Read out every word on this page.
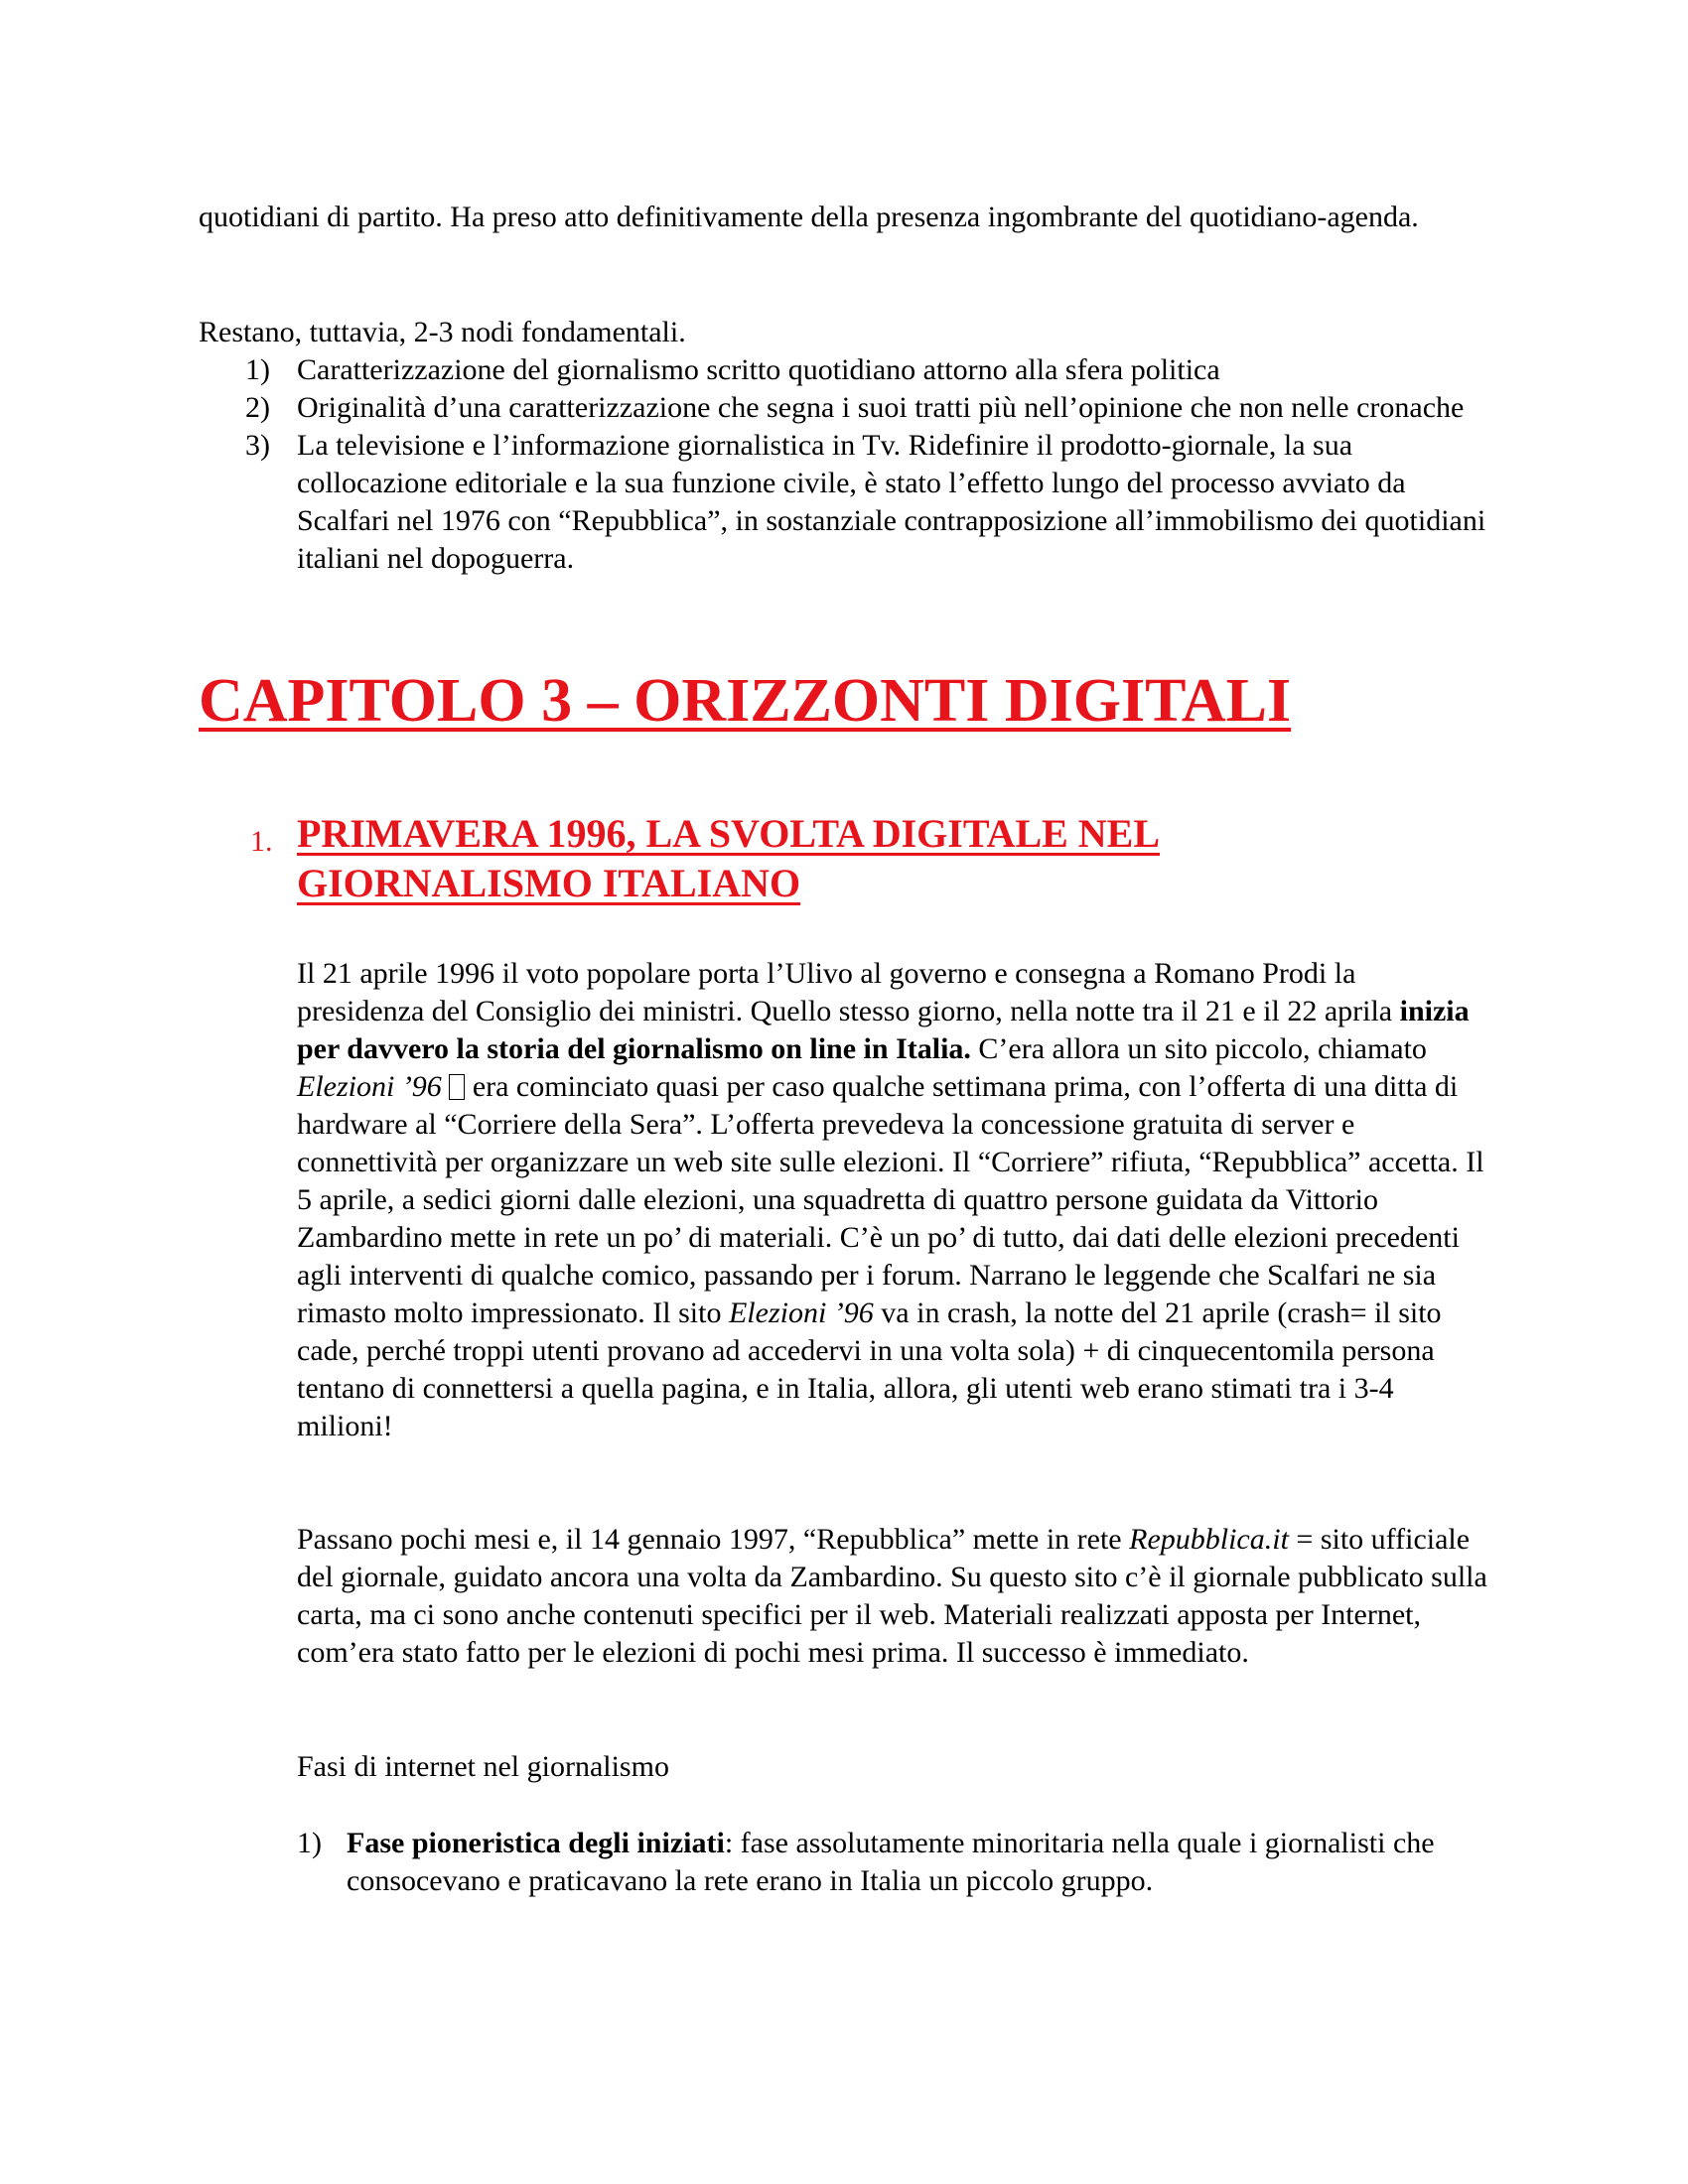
quotidiani di partito. Ha preso atto definitivamente della presenza ingombrante del quotidiano-agenda.

Restano, tuttavia, 2-3 nodi fondamentali.

1) Caratterizzazione del giornalismo scritto quotidiano attorno alla sfera politica
2) Originalità d’una caratterizzazione che segna i suoi tratti più nell’opinione che non nelle cronache
3) La televisione e l’informazione giornalistica in Tv. Ridefinire il prodotto-giornale, la sua collocazione editoriale e la sua funzione civile, è stato l’effetto lungo del processo avviato da Scalfari nel 1976 con “Repubblica”, in sostanziale contrapposizione all’immobilismo dei quotidiani italiani nel dopoguerra.
CAPITOLO 3 – ORIZZONTI DIGITALI
1. PRIMAVERA 1996, LA SVOLTA DIGITALE NEL GIORNALISMO ITALIANO

Il 21 aprile 1996 il voto popolare porta l’Ulivo al governo e consegna a Romano Prodi la presidenza del Consiglio dei ministri. Quello stesso giorno, nella notte tra il 21 e il 22 aprila inizia per davvero la storia del giornalismo on line in Italia. C’era allora un sito piccolo, chiamato Elezioni ’96  era cominciato quasi per caso qualche settimana prima, con l’offerta di una ditta di hardware al “Corriere della Sera”. L’offerta prevedeva la concessione gratuita di server e connettività per organizzare un web site sulle elezioni. Il “Corriere” rifiuta, “Repubblica” accetta. Il 5 aprile, a sedici giorni dalle elezioni, una squadretta di quattro persone guidata da Vittorio Zambardino mette in rete un po’ di materiali. C’è un po’ di tutto, dai dati delle elezioni precedenti agli interventi di qualche comico, passando per i forum. Narrano le leggende che Scalfari ne sia rimasto molto impressionato. Il sito Elezioni ’96 va in crash, la notte del 21 aprile (crash= il sito cade, perché troppi utenti provano ad accedervi in una volta sola) + di cinquecentomila persona tentano di connettersi a quella pagina, e in Italia, allora, gli utenti web erano stimati tra i 3-4 milioni!

Passano pochi mesi e, il 14 gennaio 1997, “Repubblica” mette in rete Repubblica.it = sito ufficiale del giornale, guidato ancora una volta da Zambardino. Su questo sito c’è il giornale pubblicato sulla carta, ma ci sono anche contenuti specifici per il web. Materiali realizzati apposta per Internet, com’era stato fatto per le elezioni di pochi mesi prima. Il successo è immediato.

Fasi di internet nel giornalismo

1) Fase pioneristica degli iniziati: fase assolutamente minoritaria nella quale i giornalisti che consocevano e praticavano la rete erano in Italia un piccolo gruppo.
